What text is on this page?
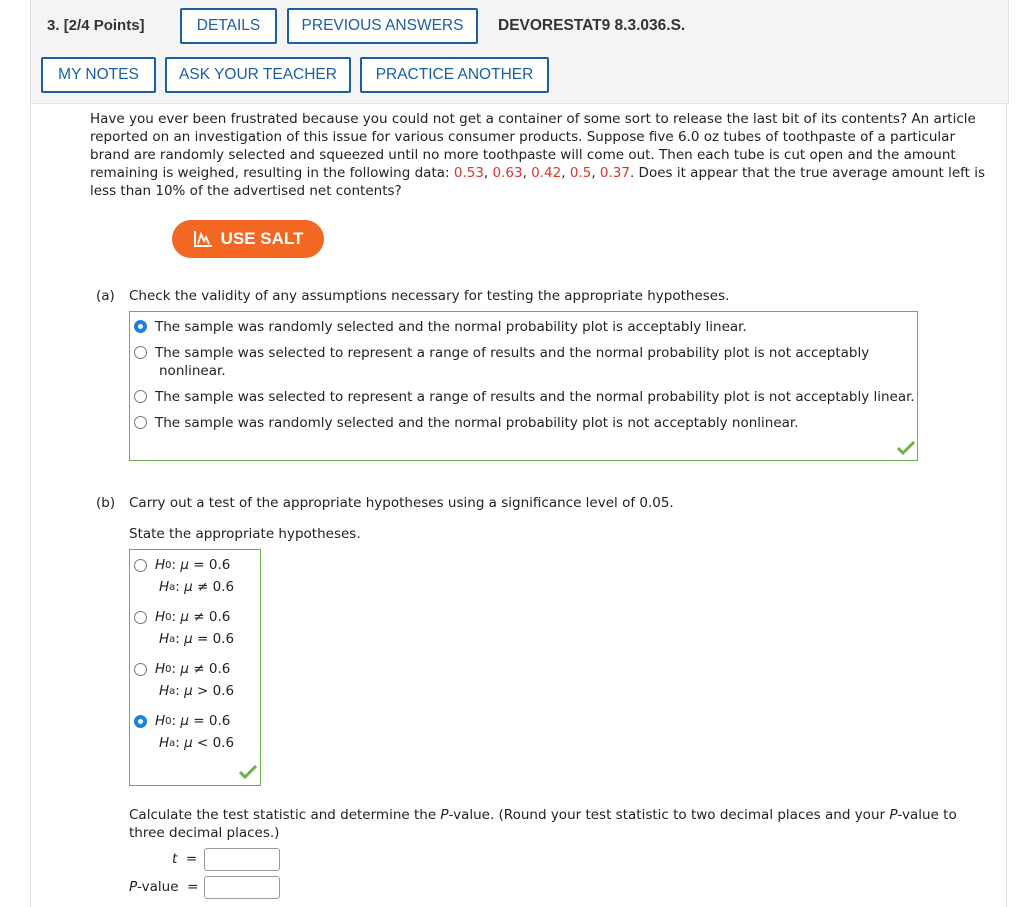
3. [2/4 Points]	DETAILS	PREVIOUS ANSWERS	DEVORESTAT9 8.3.036.S.
MY NOTES	ASK YOUR TEACHER	PRACTICE ANOTHER
Have you ever been frustrated because you could not get a container of some sort to release the last bit of its contents? An article reported on an investigation of this issue for various consumer products. Suppose five 6.0 oz tubes of toothpaste of a particular brand are randomly selected and squeezed until no more toothpaste will come out. Then each tube is cut open and the amount remaining is weighed, resulting in the following data: 0.53, 0.63, 0.42, 0.5, 0.37. Does it appear that the true average amount left is less than 10% of the advertised net contents?
USE SALT
(a) Check the validity of any assumptions necessary for testing the appropriate hypotheses.
The sample was randomly selected and the normal probability plot is acceptably linear.
The sample was selected to represent a range of results and the normal probability plot is not acceptably
nonlinear.
The sample was selected to represent a range of results and the normal probability plot is not acceptably linear.
The sample was randomly selected and the normal probability plot is not acceptably nonlinear.
(b) Carry out a test of the appropriate hypotheses using a significance level of 0.05.
State the appropriate hypotheses.
H 0 : μ
=
0.6
H a : μ
≠
0.6
H 0 : μ
≠
0.6
H a : μ
=
0.6
H 0 : μ
≠
0.6
H a : μ
>
0.6
H 0 : μ
=
0.6
H a : μ
<
0.6
Calculate the test statistic and determine the P-value. (Round your test statistic to two decimal places and your P-value to three decimal places.)
t =
P-value =
